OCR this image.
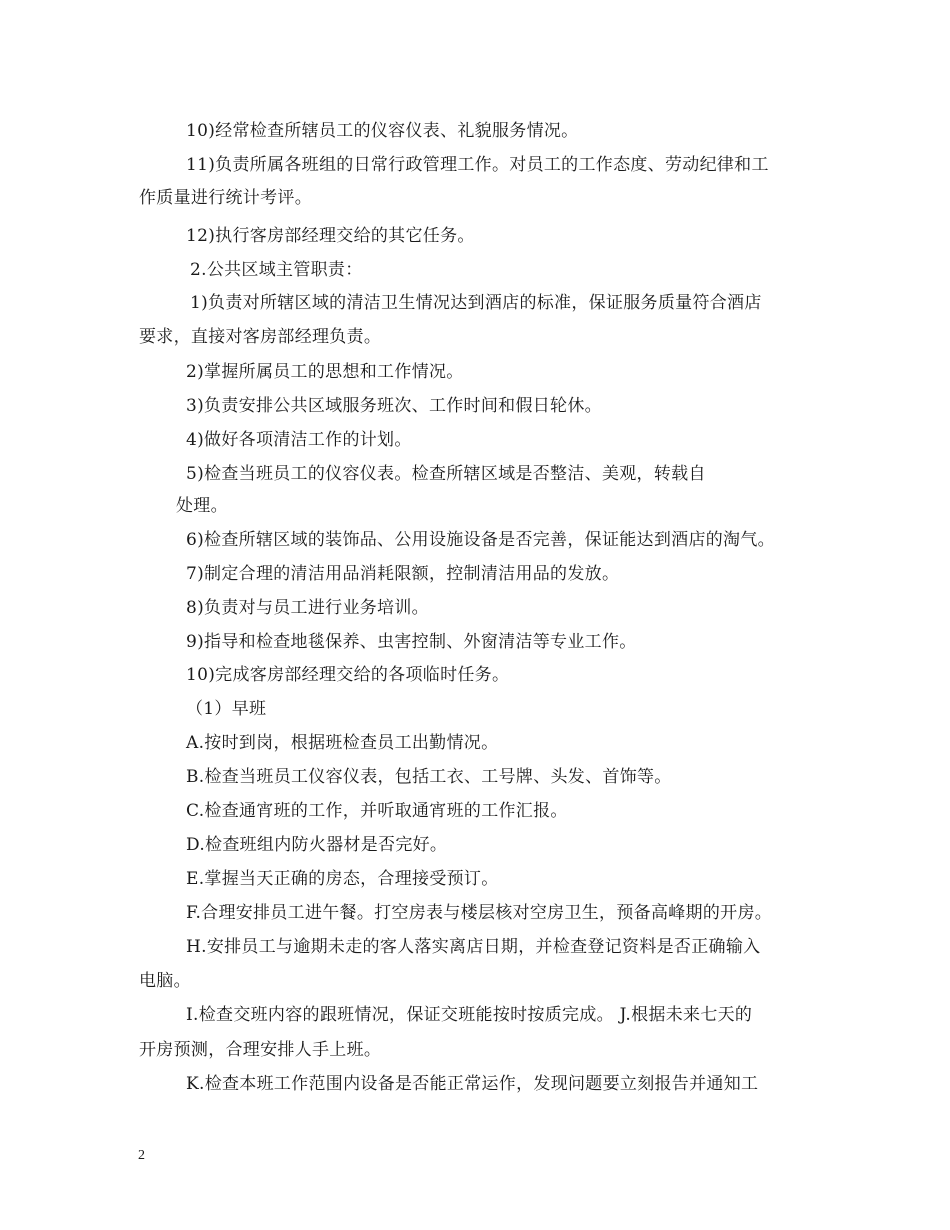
10)经常检查所辖员工的仪容仪表、礼貌服务情况。
11)负责所属各班组的日常行政管理工作。对员工的工作态度、劳动纪律和工
作质量进行统计考评。
12)执行客房部经理交给的其它任务。
2.公共区域主管职责：
1)负责对所辖区域的清洁卫生情况达到酒店的标准，保证服务质量符合酒店
要求，直接对客房部经理负责。
2)掌握所属员工的思想和工作情况。
3)负责安排公共区域服务班次、工作时间和假日轮休。
4)做好各项清洁工作的计划。
5)检查当班员工的仪容仪表。检查所辖区域是否整洁、美观，转载自
处理。
6)检查所辖区域的装饰品、公用设施设备是否完善，保证能达到酒店的淘气。
7)制定合理的清洁用品消耗限额，控制清洁用品的发放。
8)负责对与员工进行业务培训。
9)指导和检查地毯保养、虫害控制、外窗清洁等专业工作。
10)完成客房部经理交给的各项临时任务。
（1）早班
A.按时到岗，根据班检查员工出勤情况。
B.检查当班员工仪容仪表，包括工衣、工号牌、头发、首饰等。
C.检查通宵班的工作，并听取通宵班的工作汇报。
D.检查班组内防火器材是否完好。
E.掌握当天正确的房态，合理接受预订。
F.合理安排员工进午餐。打空房表与楼层核对空房卫生，预备高峰期的开房。
H.安排员工与逾期未走的客人落实离店日期，并检查登记资料是否正确输入
电脑。
I.检查交班内容的跟班情况，保证交班能按时按质完成。 J.根据未来七天的
开房预测，合理安排人手上班。
K.检查本班工作范围内设备是否能正常运作，发现问题要立刻报告并通知工
2
